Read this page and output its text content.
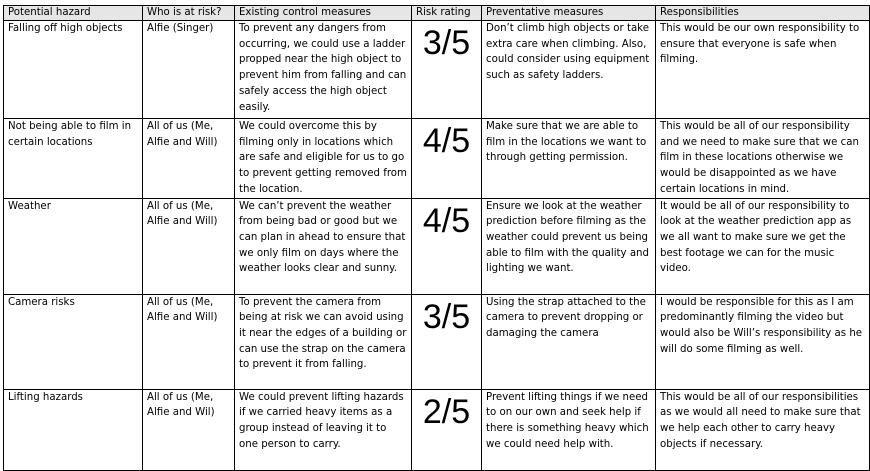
Potential hazard	Who is at risk?	Existing control measures	Risk rating	Preventative measures	Responsibilities
Falling off high objects	Alfie (Singer)	To prevent any dangers from occurring, we could use a ladder propped near the high object to prevent him from falling and can safely access the high object easily.	3/5	Don’t climb high objects or take extra care when climbing. Also, could consider using equipment such as safety ladders.	This would be our own responsibility to ensure that everyone is safe when filming.
Not being able to film in certain locations	All of us (Me, Alfie and Will)	We could overcome this by filming only in locations which are safe and eligible for us to go to prevent getting removed from the location.	4/5	Make sure that we are able to film in the locations we want to through getting permission.	This would be all of our responsibility and we need to make sure that we can film in these locations otherwise we would be disappointed as we have certain locations in mind.
Weather	All of us (Me, Alfie and Will)	We can’t prevent the weather from being bad or good but we can plan in ahead to ensure that we only film on days where the weather looks clear and sunny.	4/5	Ensure we look at the weather prediction before filming as the weather could prevent us being able to film with the quality and lighting we want.	It would be all of our responsibility to look at the weather prediction app as we all want to make sure we get the best footage we can for the music video.
Camera risks	All of us (Me, Alfie and Will)	To prevent the camera from being at risk we can avoid using it near the edges of a building or can use the strap on the camera to prevent it from falling.	3/5	Using the strap attached to the camera to prevent dropping or damaging the camera	I would be responsible for this as I am predominantly filming the video but would also be Will’s responsibility as he will do some filming as well.
Lifting hazards	All of us (Me, Alfie and Wil)	We could prevent lifting hazards if we carried heavy items as a group instead of leaving it to one person to carry.	2/5	Prevent lifting things if we need to on our own and seek help if there is something heavy which we could need help with.	This would be all of our responsibilities as we would all need to make sure that we help each other to carry heavy objects if necessary.
